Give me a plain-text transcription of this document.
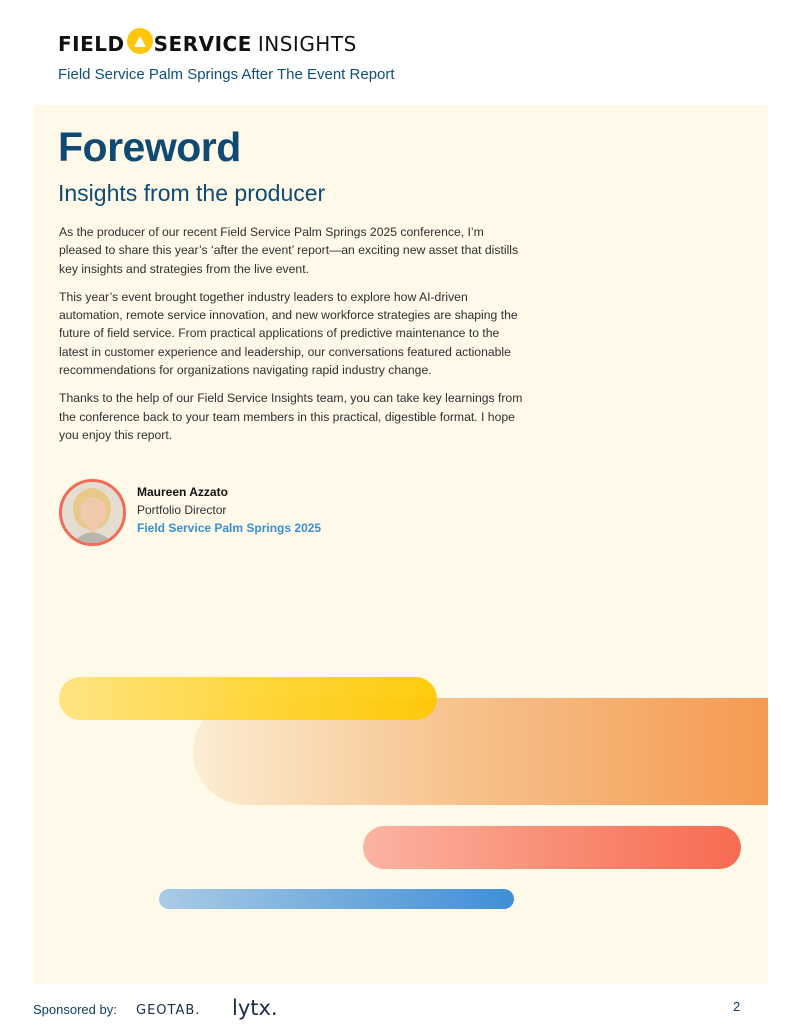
FIELD SERVICE INSIGHTS
Field Service Palm Springs After The Event Report
Foreword
Insights from the producer

As the producer of our recent Field Service Palm Springs 2025 conference, I’m pleased to share this year’s ‘after the event’ report—an exciting new asset that distills key insights and strategies from the live event.

This year’s event brought together industry leaders to explore how AI-driven automation, remote service innovation, and new workforce strategies are shaping the future of field service. From practical applications of predictive maintenance to the latest in customer experience and leadership, our conversations featured actionable recommendations for organizations navigating rapid industry change.

Thanks to the help of our Field Service Insights team, you can take key learnings from the conference back to your team members in this practical, digestible format. I hope you enjoy this report.

Maureen Azzato
Portfolio Director
Field Service Palm Springs 2025
Sponsored by: GEOTAB. lytx.	2
